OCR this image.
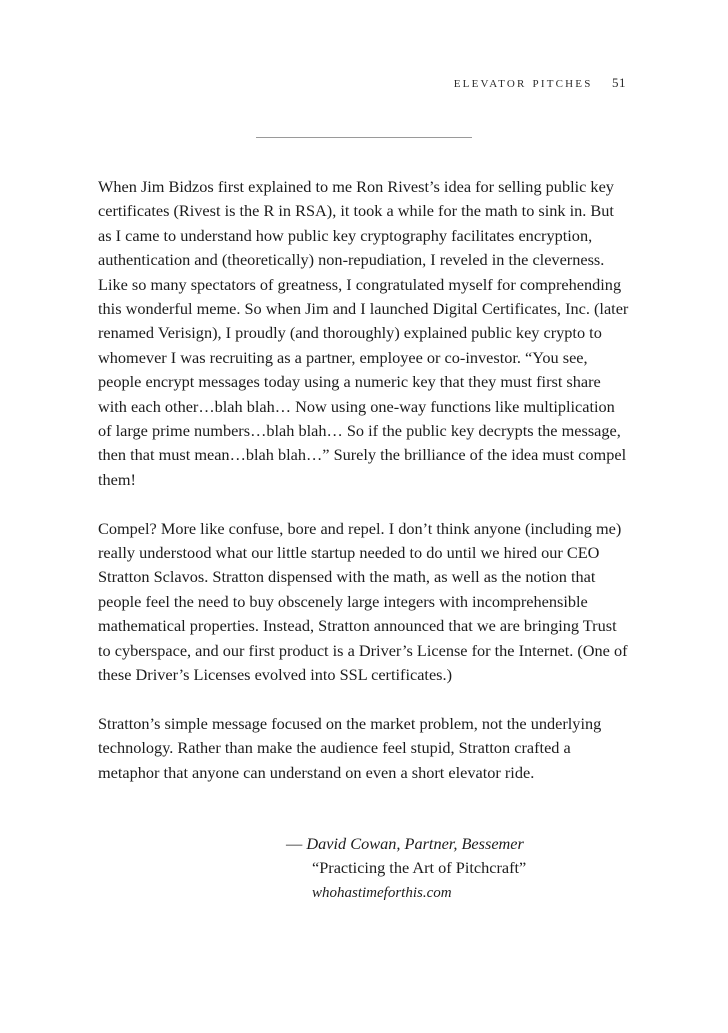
elevator pitches 51

When Jim Bidzos first explained to me Ron Rivest’s idea for selling public key certificates (Rivest is the R in RSA), it took a while for the math to sink in. But as I came to understand how public key cryptography facilitates encryption, authentication and (theoretically) non-repudiation, I reveled in the cleverness. Like so many spectators of greatness, I congratulated myself for comprehending this wonderful meme. So when Jim and I launched Digital Certificates, Inc. (later renamed Verisign), I proudly (and thoroughly) explained public key crypto to whomever I was recruiting as a partner, employee or co-investor. “You see, people encrypt messages today using a numeric key that they must first share with each other…blah blah… Now using one-way functions like multiplication of large prime numbers…blah blah… So if the public key decrypts the message, then that must mean…blah blah…” Surely the brilliance of the idea must compel them!

Compel? More like confuse, bore and repel. I don’t think anyone (including me) really understood what our little startup needed to do until we hired our CEO Stratton Sclavos. Stratton dispensed with the math, as well as the notion that people feel the need to buy obscenely large integers with incomprehensible mathematical properties. Instead, Stratton announced that we are bringing Trust to cyberspace, and our first product is a Driver’s License for the Internet. (One of these Driver’s Licenses evolved into SSL certificates.)

Stratton’s simple message focused on the market problem, not the underlying technology. Rather than make the audience feel stupid, Stratton crafted a metaphor that anyone can understand on even a short elevator ride.

— David Cowan, Partner, Bessemer
“Practicing the Art of Pitchcraft”
whohastimeforthis.com
